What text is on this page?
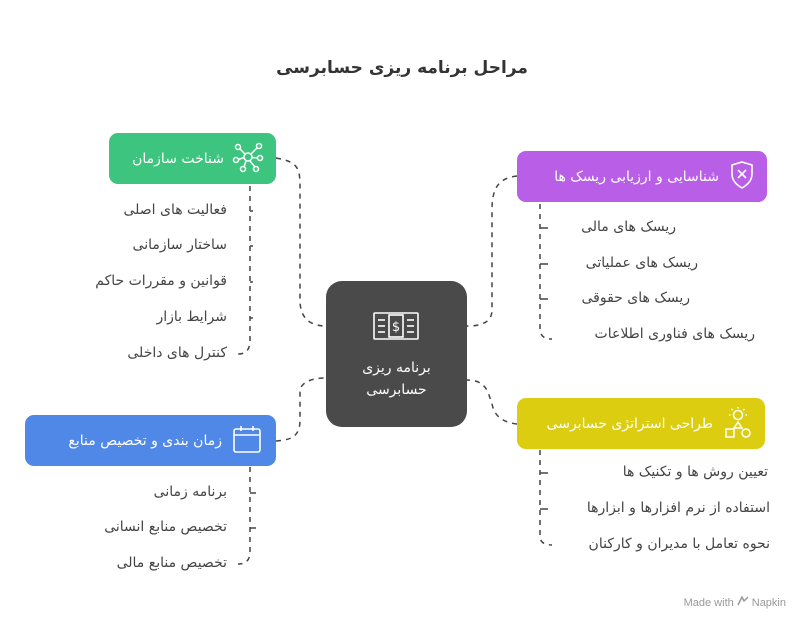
مراحل برنامه ریزی حسابرسی
$
برنامه ریزی
حسابرسی
شناخت سازمان
شناسایی و ارزیابی ریسک ها
زمان بندی و تخصیص منابع
طراحی استراتژی حسابرسی
فعالیت های اصلی
ساختار سازمانی
قوانین و مقررات حاکم
شرایط بازار
کنترل های داخلی
ریسک های مالی
ریسک های عملیاتی
ریسک های حقوقی
ریسک های فناوری اطلاعات
برنامه زمانی
تخصیص منابع انسانی
تخصیص منابع مالی
تعیین روش ها و تکنیک ها
استفاده از نرم افزارها و ابزارها
نحوه تعامل با مدیران و کارکنان
Made with Napkin
